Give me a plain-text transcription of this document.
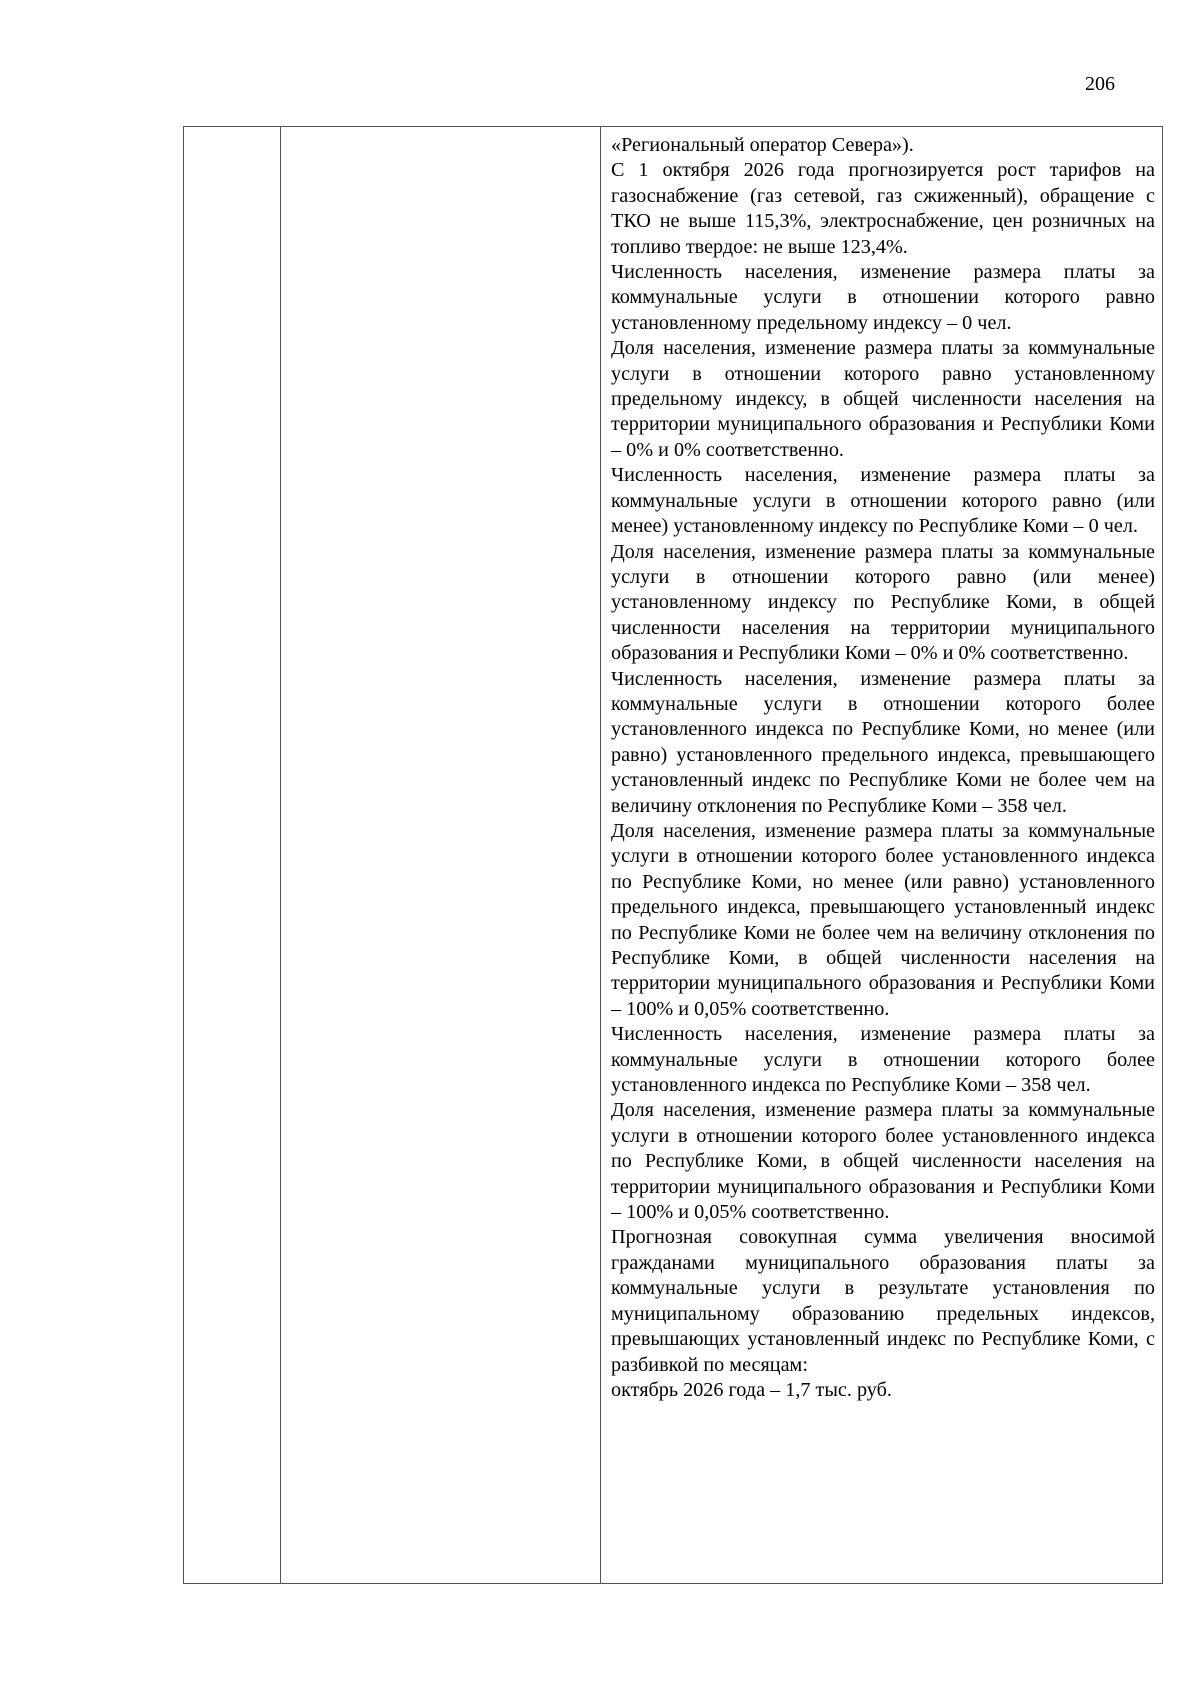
206

«Региональный оператор Севера»).

С 1 октября 2026 года прогнозируется рост тарифов на газоснабжение (газ сетевой, газ сжиженный), обращение с ТКО не выше 115,3%, электроснабжение, цен розничных на топливо твердое: не выше 123,4%.

Численность населения, изменение размера платы за коммунальные услуги в отношении которого равно установленному предельному индексу – 0 чел.

Доля населения, изменение размера платы за коммунальные услуги в отношении которого равно установленному предельному индексу, в общей численности населения на территории муниципального образования и Республики Коми – 0% и 0% соответственно.

Численность населения, изменение размера платы за коммунальные услуги в отношении которого равно (или менее) установленному индексу по Республике Коми – 0 чел.

Доля населения, изменение размера платы за коммунальные услуги в отношении которого равно (или менее) установленному индексу по Республике Коми, в общей численности населения на территории муниципального образования и Республики Коми – 0% и 0% соответственно.

Численность населения, изменение размера платы за коммунальные услуги в отношении которого более установленного индекса по Республике Коми, но менее (или равно) установленного предельного индекса, превышающего установленный индекс по Республике Коми не более чем на величину отклонения по Республике Коми – 358 чел.

Доля населения, изменение размера платы за коммунальные услуги в отношении которого более установленного индекса по Республике Коми, но менее (или равно) установленного предельного индекса, превышающего установленный индекс по Республике Коми не более чем на величину отклонения по Республике Коми, в общей численности населения на территории муниципального образования и Республики Коми – 100% и 0,05% соответственно.

Численность населения, изменение размера платы за коммунальные услуги в отношении которого более установленного индекса по Республике Коми – 358 чел.

Доля населения, изменение размера платы за коммунальные услуги в отношении которого более установленного индекса по Республике Коми, в общей численности населения на территории муниципального образования и Республики Коми – 100% и 0,05% соответственно.

Прогнозная совокупная сумма увеличения вносимой гражданами муниципального образования платы за коммунальные услуги в результате установления по муниципальному образованию предельных индексов, превышающих установленный индекс по Республике Коми, с разбивкой по месяцам:

октябрь 2026 года – 1,7 тыс. руб.
